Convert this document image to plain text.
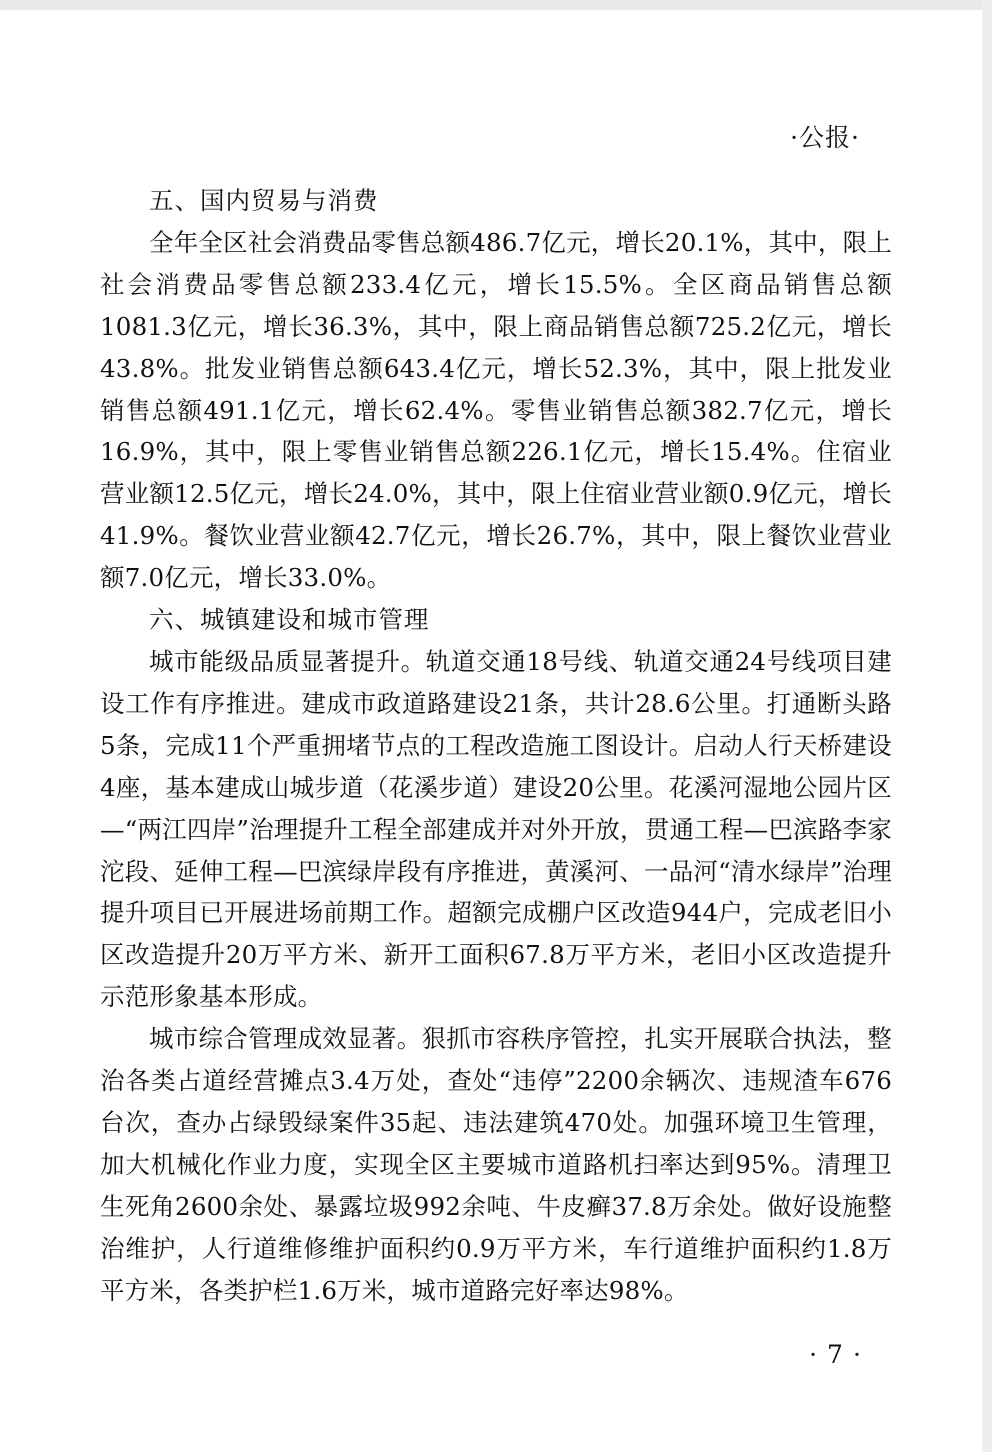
·公报·

五、国内贸易与消费

全年全区社会消费品零售总额486.7亿元，增长20.1%，其中，限上社会消费品零售总额233.4亿元，增长15.5%。全区商品销售总额1081.3亿元，增长36.3%，其中，限上商品销售总额725.2亿元，增长43.8%。批发业销售总额643.4亿元，增长52.3%，其中，限上批发业销售总额491.1亿元，增长62.4%。零售业销售总额382.7亿元，增长16.9%，其中，限上零售业销售总额226.1亿元，增长15.4%。住宿业营业额12.5亿元，增长24.0%，其中，限上住宿业营业额0.9亿元，增长41.9%。餐饮业营业额42.7亿元，增长26.7%，其中，限上餐饮业营业额7.0亿元，增长33.0%。

六、城镇建设和城市管理

城市能级品质显著提升。轨道交通18号线、轨道交通24号线项目建设工作有序推进。建成市政道路建设21条，共计28.6公里。打通断头路5条，完成11个严重拥堵节点的工程改造施工图设计。启动人行天桥建设4座，基本建成山城步道（花溪步道）建设20公里。花溪河湿地公园片区—“两江四岸”治理提升工程全部建成并对外开放，贯通工程—巴滨路李家沱段、延伸工程—巴滨绿岸段有序推进，黄溪河、一品河“清水绿岸”治理提升项目已开展进场前期工作。超额完成棚户区改造944户，完成老旧小区改造提升20万平方米、新开工面积67.8万平方米，老旧小区改造提升示范形象基本形成。

城市综合管理成效显著。狠抓市容秩序管控，扎实开展联合执法，整治各类占道经营摊点3.4万处，查处“违停”2200余辆次、违规渣车676台次，查办占绿毁绿案件35起、违法建筑470处。加强环境卫生管理，加大机械化作业力度，实现全区主要城市道路机扫率达到95%。清理卫生死角2600余处、暴露垃圾992余吨、牛皮癣37.8万余处。做好设施整治维护，人行道维修维护面积约0.9万平方米，车行道维护面积约1.8万平方米，各类护栏1.6万米，城市道路完好率达98%。

·7·
